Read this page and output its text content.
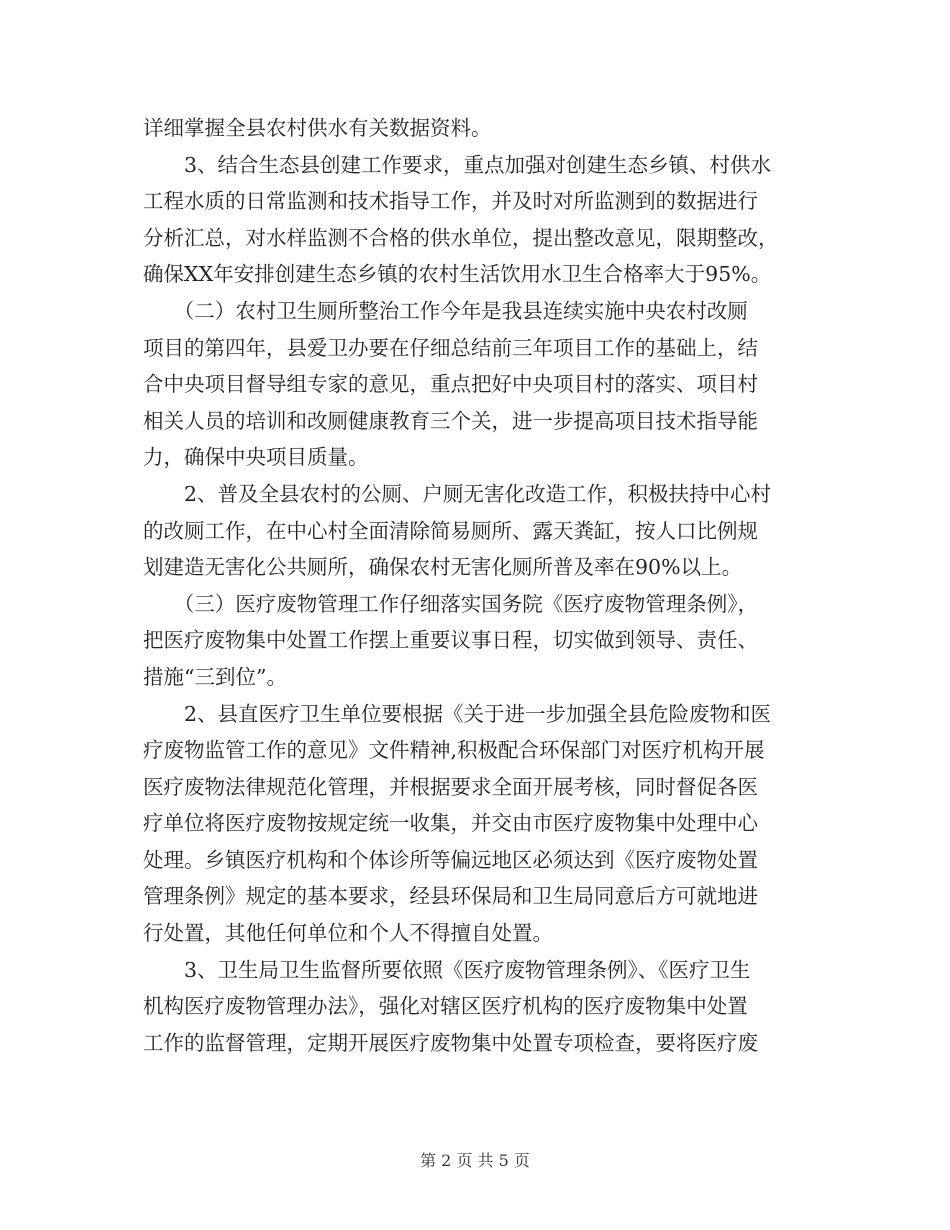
详细掌握全县农村供水有关数据资料。
　　3、结合生态县创建工作要求，重点加强对创建生态乡镇、村供水
工程水质的日常监测和技术指导工作，并及时对所监测到的数据进行
分析汇总，对水样监测不合格的供水单位，提出整改意见，限期整改，
确保XX年安排创建生态乡镇的农村生活饮用水卫生合格率大于95%。
　　（二）农村卫生厕所整治工作今年是我县连续实施中央农村改厕
项目的第四年，县爱卫办要在仔细总结前三年项目工作的基础上，结
合中央项目督导组专家的意见，重点把好中央项目村的落实、项目村
相关人员的培训和改厕健康教育三个关，进一步提高项目技术指导能
力，确保中央项目质量。
　　2、普及全县农村的公厕、户厕无害化改造工作，积极扶持中心村
的改厕工作，在中心村全面清除简易厕所、露天粪缸，按人口比例规
划建造无害化公共厕所，确保农村无害化厕所普及率在90%以上。
　　（三）医疗废物管理工作仔细落实国务院《医疗废物管理条例》，
把医疗废物集中处置工作摆上重要议事日程，切实做到领导、责任、
措施“三到位”。
　　2、县直医疗卫生单位要根据《关于进一步加强全县危险废物和医
疗废物监管工作的意见》文件精神,积极配合环保部门对医疗机构开展
医疗废物法律规范化管理，并根据要求全面开展考核，同时督促各医
疗单位将医疗废物按规定统一收集，并交由市医疗废物集中处理中心
处理。乡镇医疗机构和个体诊所等偏远地区必须达到《医疗废物处置
管理条例》规定的基本要求，经县环保局和卫生局同意后方可就地进
行处置，其他任何单位和个人不得擅自处置。
　　3、卫生局卫生监督所要依照《医疗废物管理条例》、《医疗卫生
机构医疗废物管理办法》，强化对辖区医疗机构的医疗废物集中处置
工作的监督管理，定期开展医疗废物集中处置专项检查，要将医疗废
第 2 页 共 5 页
